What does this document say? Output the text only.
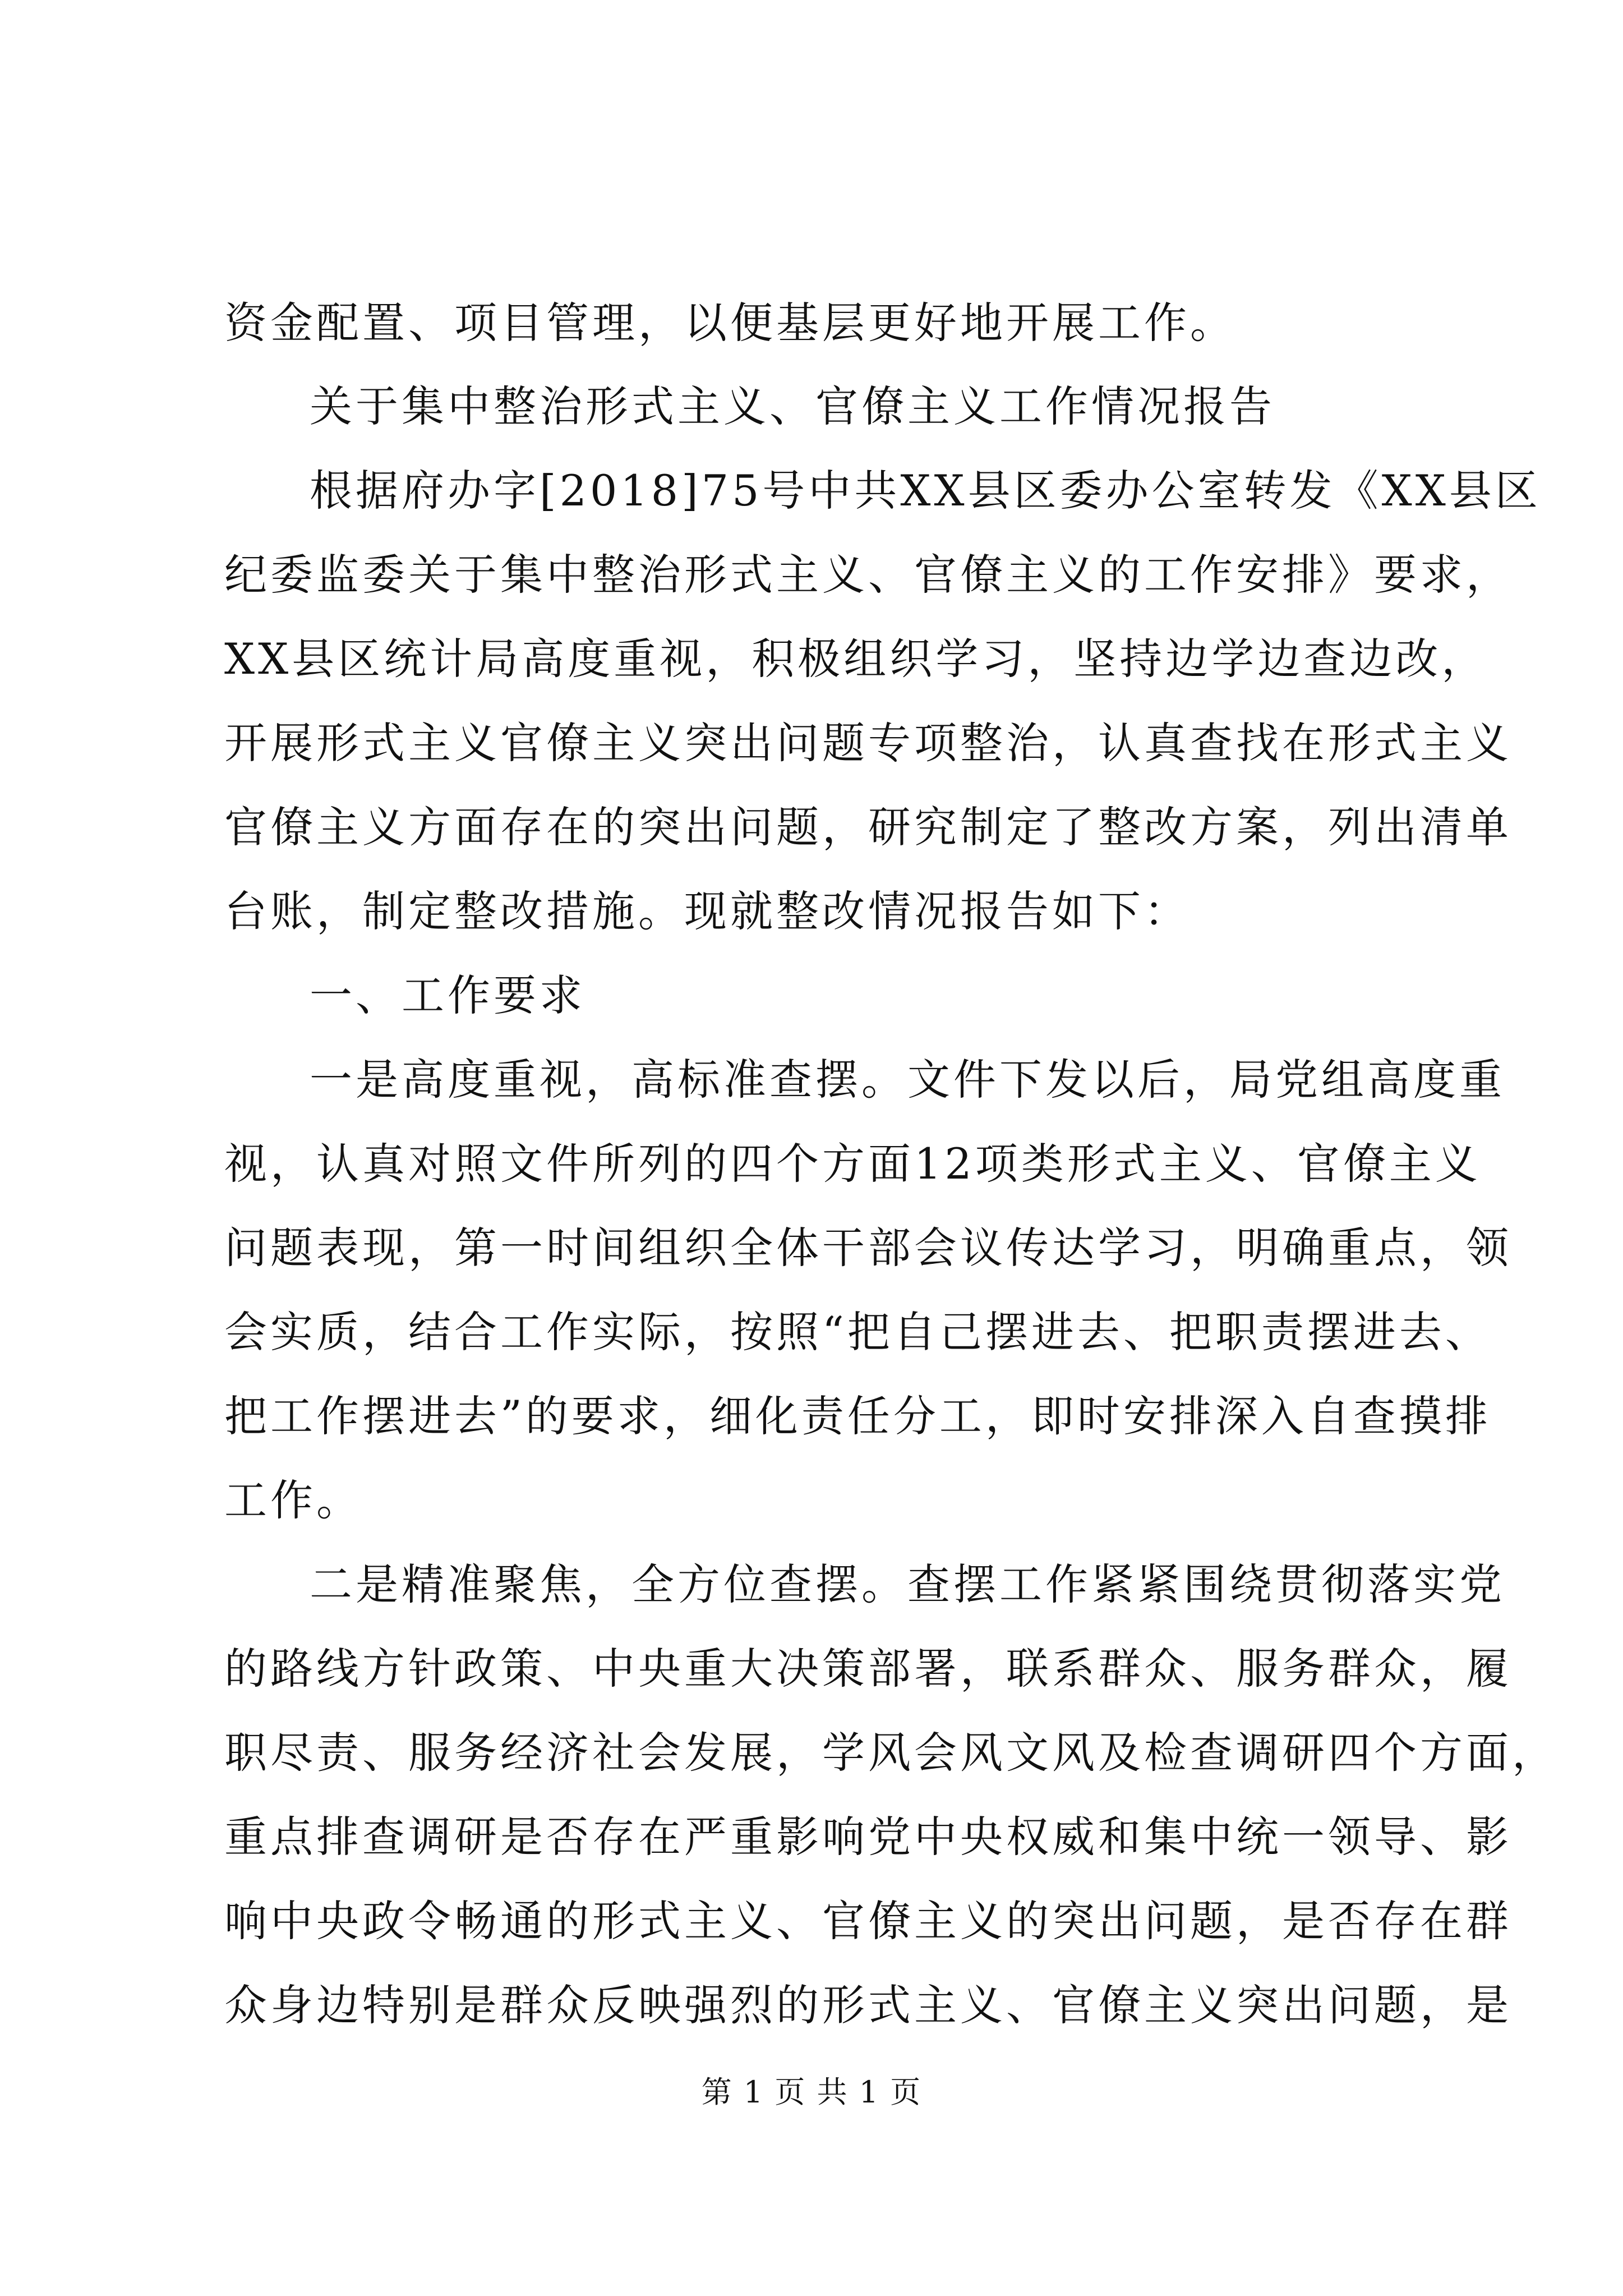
资金配置、项目管理，以便基层更好地开展工作。
关于集中整治形式主义、官僚主义工作情况报告
根据府办字[2018]75号中共XX县区委办公室转发《XX县区
纪委监委关于集中整治形式主义、官僚主义的工作安排》要求，
XX县区统计局高度重视，积极组织学习，坚持边学边查边改，
开展形式主义官僚主义突出问题专项整治，认真查找在形式主义
官僚主义方面存在的突出问题，研究制定了整改方案，列出清单
台账，制定整改措施。现就整改情况报告如下：
一、工作要求
一是高度重视，高标准查摆。文件下发以后，局党组高度重
视，认真对照文件所列的四个方面12项类形式主义、官僚主义
问题表现，第一时间组织全体干部会议传达学习，明确重点，领
会实质，结合工作实际，按照“把自己摆进去、把职责摆进去、
把工作摆进去”的要求，细化责任分工，即时安排深入自查摸排
工作。
二是精准聚焦，全方位查摆。查摆工作紧紧围绕贯彻落实党
的路线方针政策、中央重大决策部署，联系群众、服务群众，履
职尽责、服务经济社会发展，学风会风文风及检查调研四个方面，
重点排查调研是否存在严重影响党中央权威和集中统一领导、影
响中央政令畅通的形式主义、官僚主义的突出问题，是否存在群
众身边特别是群众反映强烈的形式主义、官僚主义突出问题，是
第 1 页 共 1 页
